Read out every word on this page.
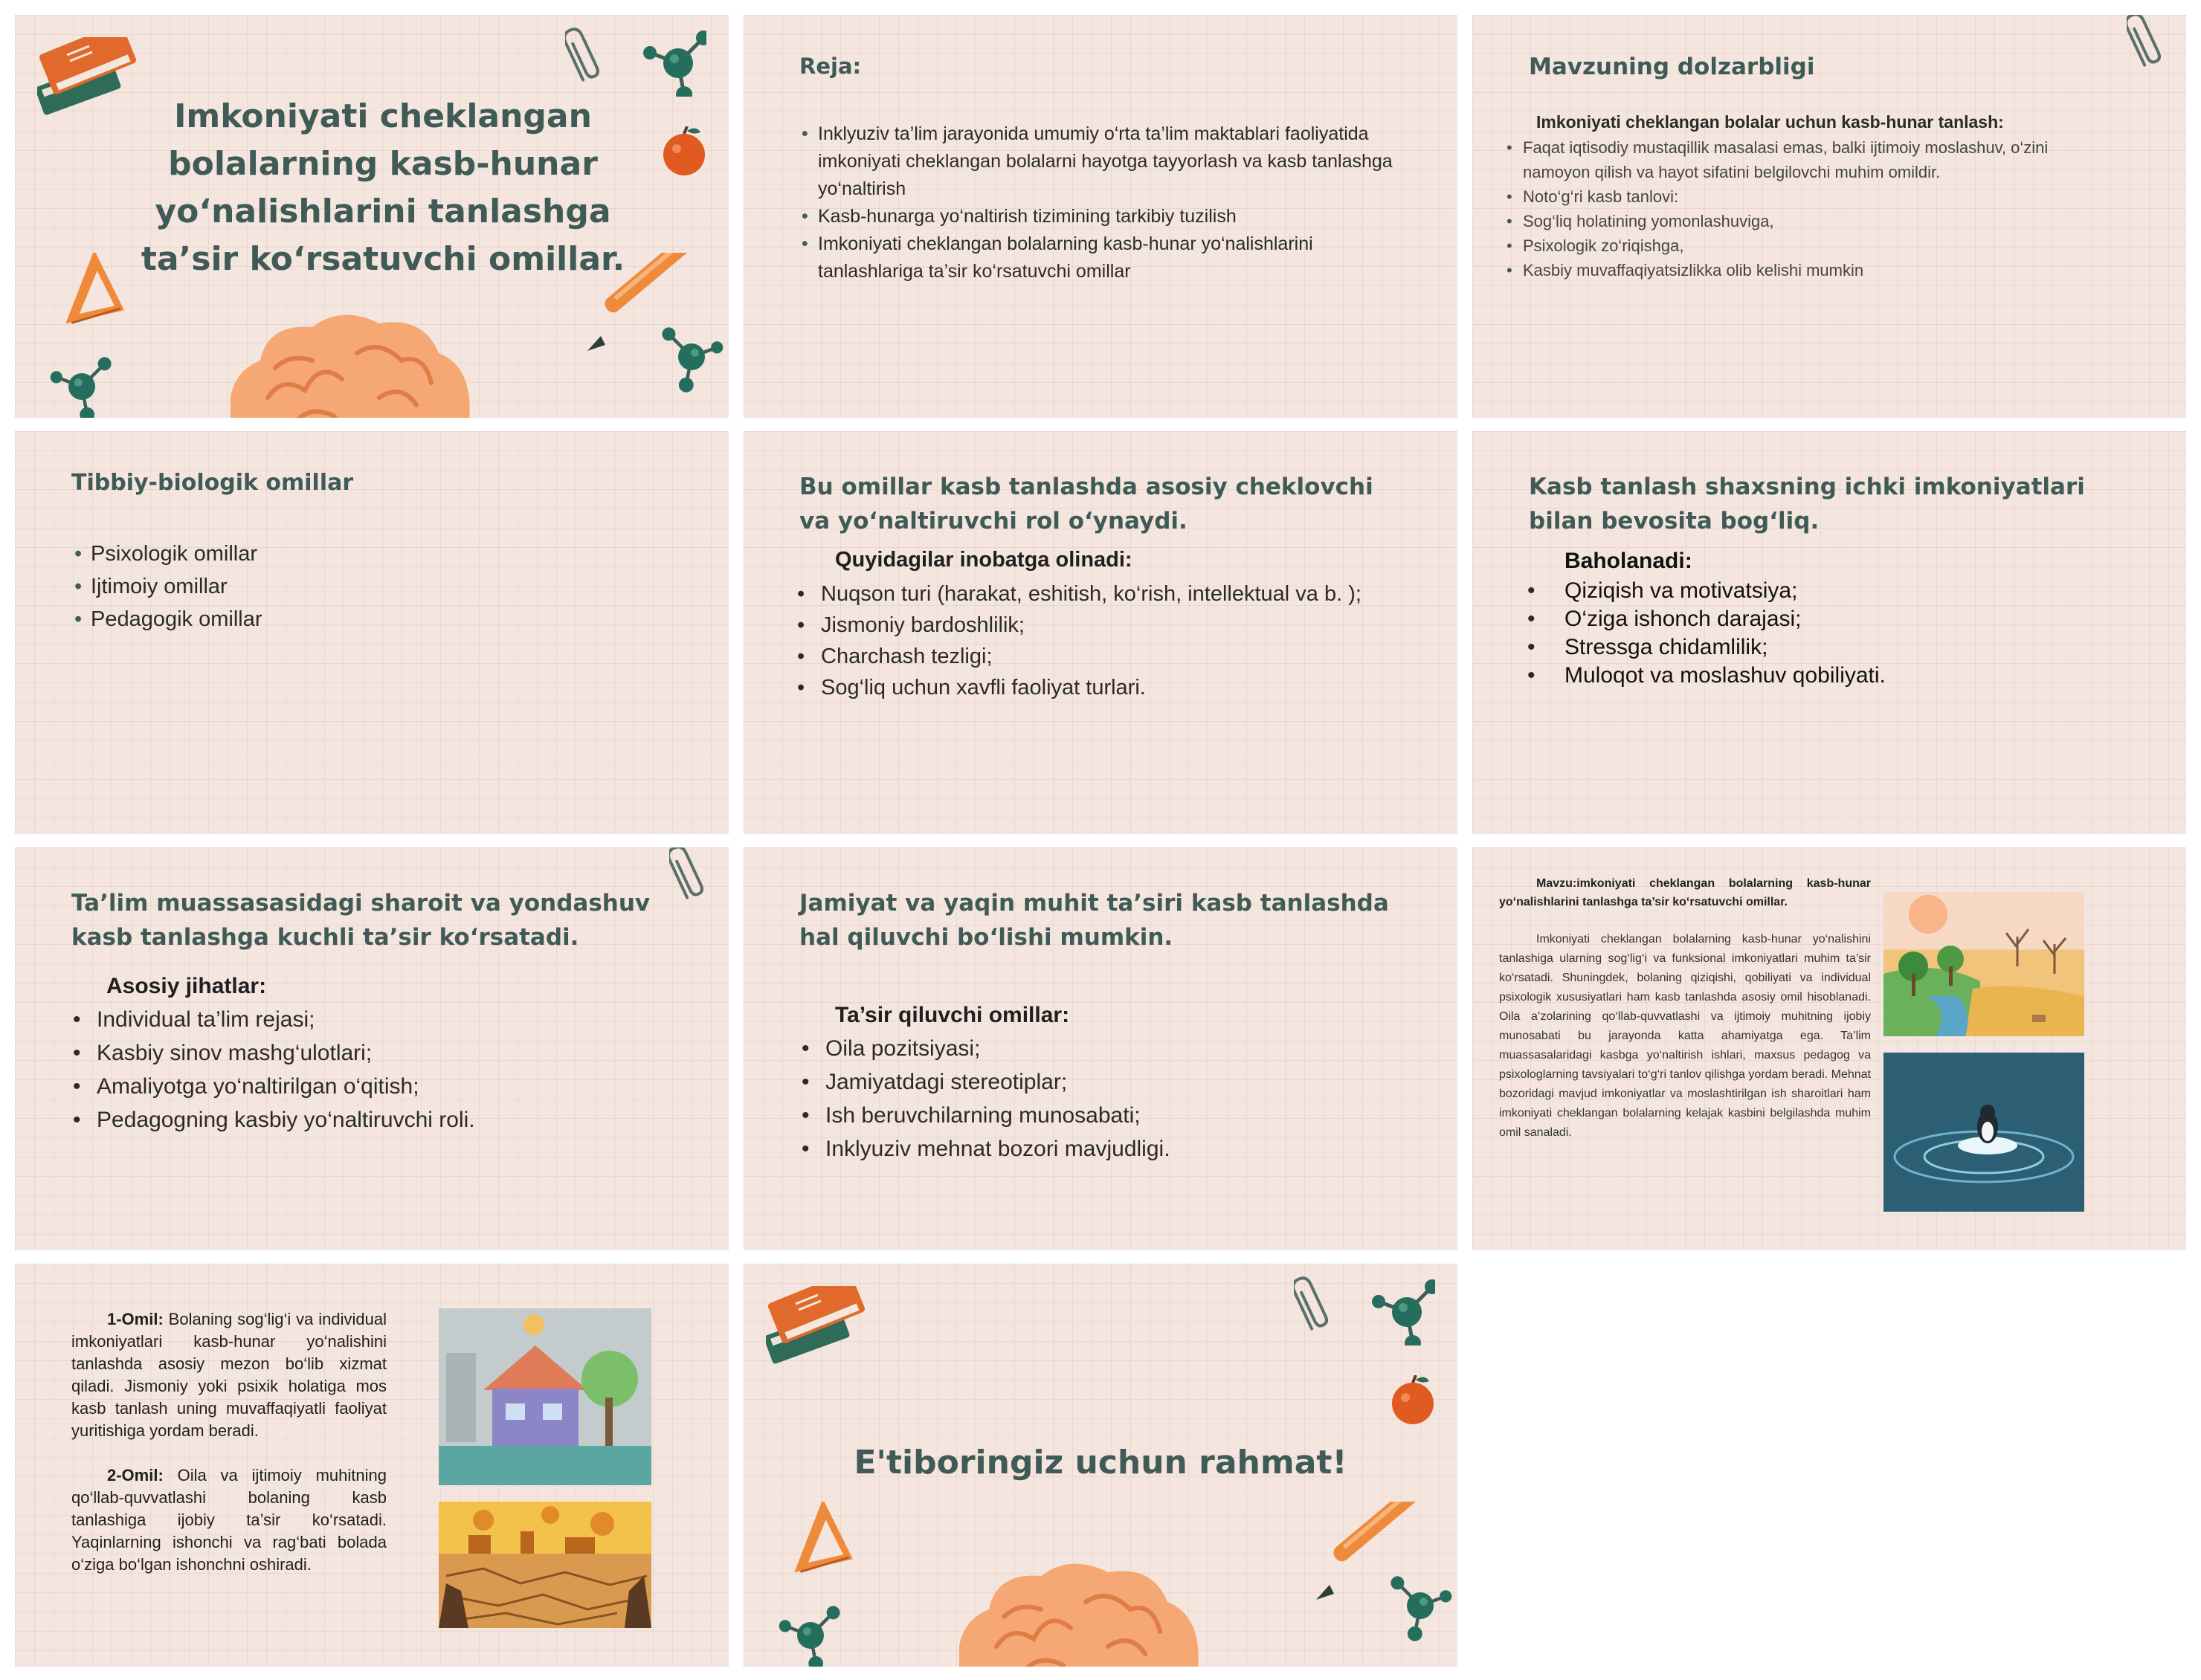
Imkoniyati cheklangan bolalarning kasb-hunar yoʻnalishlarini tanlashga taʼsir koʻrsatuvchi omillar.
Reja:
• Inklyuziv ta’lim jarayonida umumiy o‘rta ta’lim maktablari faoliyatida imkoniyati cheklangan bolalarni hayotga tayyorlash va kasb tanlashga yo‘naltirish
• Kasb-hunarga yo‘naltirish tizimining tarkibiy tuzilish
• Imkoniyati cheklangan bolalarning kasb-hunar yo‘nalishlarini tanlashlariga ta’sir ko‘rsatuvchi omillar
Mavzuning dolzarbligi
Imkoniyati cheklangan bolalar uchun kasb-hunar tanlash:
• Faqat iqtisodiy mustaqillik masalasi emas, balki ijtimoiy moslashuv, o‘zini namoyon qilish va hayot sifatini belgilovchi muhim omildir.
• Noto‘g‘ri kasb tanlovi:
• Sog‘liq holatining yomonlashuviga,
• Psixologik zo‘riqishga,
• Kasbiy muvaffaqiyatsizlikka olib kelishi mumkin
Tibbiy-biologik omillar
• Psixologik omillar
• Ijtimoiy omillar
• Pedagogik omillar
Bu omillar kasb tanlashda asosiy cheklovchi va yoʻnaltiruvchi rol oʻynaydi.
Quyidagilar inobatga olinadi:
• Nuqson turi (harakat, eshitish, ko‘rish, intellektual va b. );
• Jismoniy bardoshlilik;
• Charchash tezligi;
• Sog‘liq uchun xavfli faoliyat turlari.
Kasb tanlash shaxsning ichki imkoniyatlari bilan bevosita bogʻliq.
Baholanadi:
• Qiziqish va motivatsiya;
• O‘ziga ishonch darajasi;
• Stressga chidamlilik;
• Muloqot va moslashuv qobiliyati.
Taʼlim muassasasidagi sharoit va yondashuv kasb tanlashga kuchli taʼsir koʻrsatadi.
Asosiy jihatlar:
• Individual ta’lim rejasi;
• Kasbiy sinov mashg‘ulotlari;
• Amaliyotga yo‘naltirilgan o‘qitish;
• Pedagogning kasbiy yo‘naltiruvchi roli.
Jamiyat va yaqin muhit taʼsiri kasb tanlashda hal qiluvchi boʻlishi mumkin.
Ta’sir qiluvchi omillar:
• Oila pozitsiyasi;
• Jamiyatdagi stereotiplar;
• Ish beruvchilarning munosabati;
• Inklyuziv mehnat bozori mavjudligi.
Mavzu:imkoniyati cheklangan bolalarning kasb-hunar yo‘nalishlarini tanlashga ta’sir ko‘rsatuvchi omillar.
Imkoniyati cheklangan bolalarning kasb-hunar yo‘nalishini tanlashiga ularning sog‘lig‘i va funksional imkoniyatlari muhim ta’sir ko‘rsatadi. Shuningdek, bolaning qiziqishi, qobiliyati va individual psixologik xususiyatlari ham kasb tanlashda asosiy omil hisoblanadi. Oila a’zolarining qo‘llab-quvvatlashi va ijtimoiy muhitning ijobiy munosabati bu jarayonda katta ahamiyatga ega. Ta’lim muassasalaridagi kasbga yo‘naltirish ishlari, maxsus pedagog va psixologlarning tavsiyalari to‘g‘ri tanlov qilishga yordam beradi. Mehnat bozoridagi mavjud imkoniyatlar va moslashtirilgan ish sharoitlari ham imkoniyati cheklangan bolalarning kelajak kasbini belgilashda muhim omil sanaladi.
1-Omil: Bolaning sog‘lig‘i va individual imkoniyatlari kasb-hunar yo‘nalishini tanlashda asosiy mezon bo‘lib xizmat qiladi. Jismoniy yoki psixik holatiga mos kasb tanlash uning muvaffaqiyatli faoliyat yuritishiga yordam beradi.
2-Omil: Oila va ijtimoiy muhitning qo‘llab-quvvatlashi bolaning kasb tanlashiga ijobiy ta’sir ko‘rsatadi. Yaqinlarning ishonchi va rag‘bati bolada o‘ziga bo‘lgan ishonchni oshiradi.
E'tiboringiz uchun rahmat!
